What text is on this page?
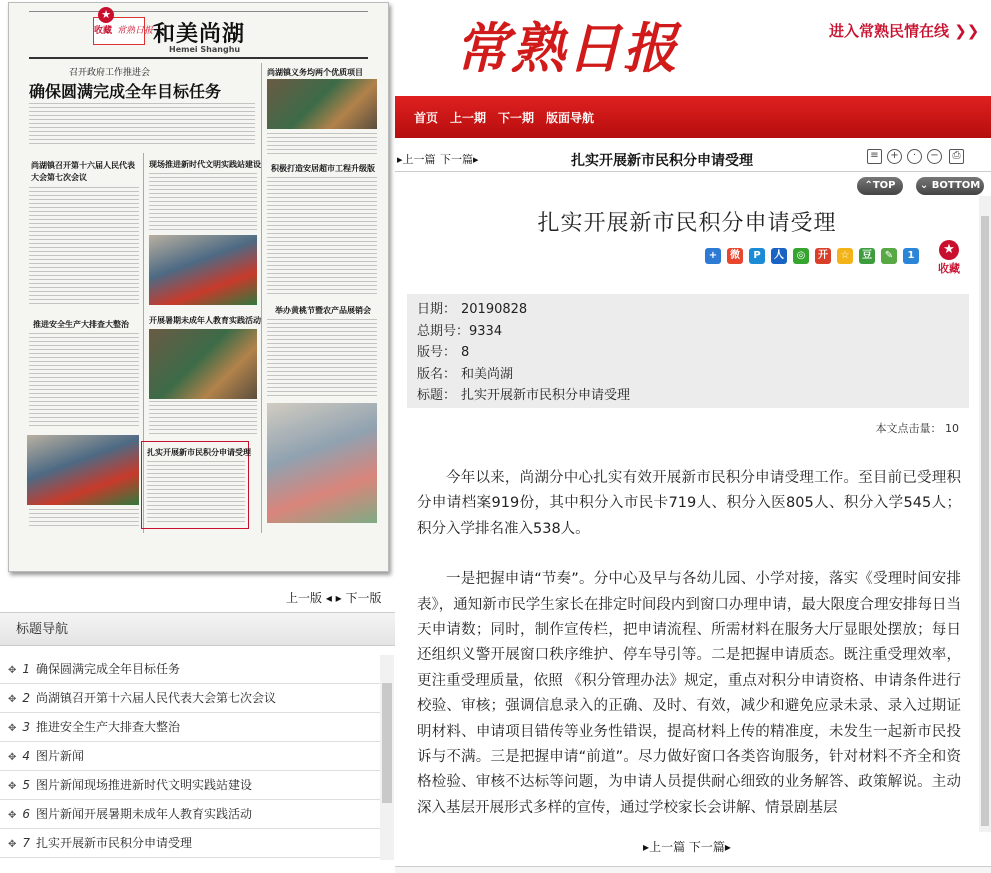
★
收藏 常熟日报 和美尚湖
Hemei Shanghu
召开政府工作推进会
确保圆满完成全年目标任务
尚湖镇义务均两个优质项目
尚湖镇召开第十六届人民代表大会第七次会议
现场推进新时代文明实践站建设 积极打造安居超市工程升级版
推进安全生产大排查大整治	开展暑期未成年人教育实践活动
举办黄桃节暨农产品展销会
扎实开展新市民积分申请受理
上一版 ◂ ▸ 下一版
标题导航
✥ 1 确保圆满完成全年目标任务
✥ 2 尚湖镇召开第十六届人民代表大会第七次会议
✥ 3 推进安全生产大排查大整治
✥ 4 图片新闻
✥ 5 图片新闻现场推进新时代文明实践站建设
✥ 6 图片新闻开展暑期未成年人教育实践活动
✥ 7 扎实开展新市民积分申请受理
常熟日报	进入常熟民情在线 ❯❯
首页 上一期 下一期 版面导航
▸上一篇 下一篇▸	扎实开展新市民积分申请受理	≡	+	·	−	⎙
⌃TOP	⌄ BOTTOM
扎实开展新市民积分申请受理
+	微	P	人	◎	开	☆	豆	✎	1	★
收藏
日期： 20190828
总期号：9334
版号： 8
版名： 和美尚湖
标题： 扎实开展新市民积分申请受理
本文点击量： 10

今年以来，尚湖分中心扎实有效开展新市民积分申请受理工作。至目前已受理积分申请档案919份，其中积分入市民卡719人、积分入医805人、积分入学545人；积分入学排名准入538人。

一是把握申请“节奏”。分中心及早与各幼儿园、小学对接，落实《受理时间安排表》，通知新市民学生家长在排定时间段内到窗口办理申请，最大限度合理安排每日当天申请数；同时，制作宣传栏，把申请流程、所需材料在服务大厅显眼处摆放；每日还组织义警开展窗口秩序维护、停车导引等。二是把握申请质态。既注重受理效率，更注重受理质量，依照 《积分管理办法》规定，重点对积分申请资格、申请条件进行校验、审核；强调信息录入的正确、及时、有效，减少和避免应录未录、录入过期证明材料、申请项目错传等业务性错误，提高材料上传的精准度，未发生一起新市民投诉与不满。三是把握申请“前道”。尽力做好窗口各类咨询服务，针对材料不齐全和资格检验、审核不达标等问题，为申请人员提供耐心细致的业务解答、政策解说。主动深入基层开展形式多样的宣传，通过学校家长会讲解、情景剧基层

▸上一篇 下一篇▸
